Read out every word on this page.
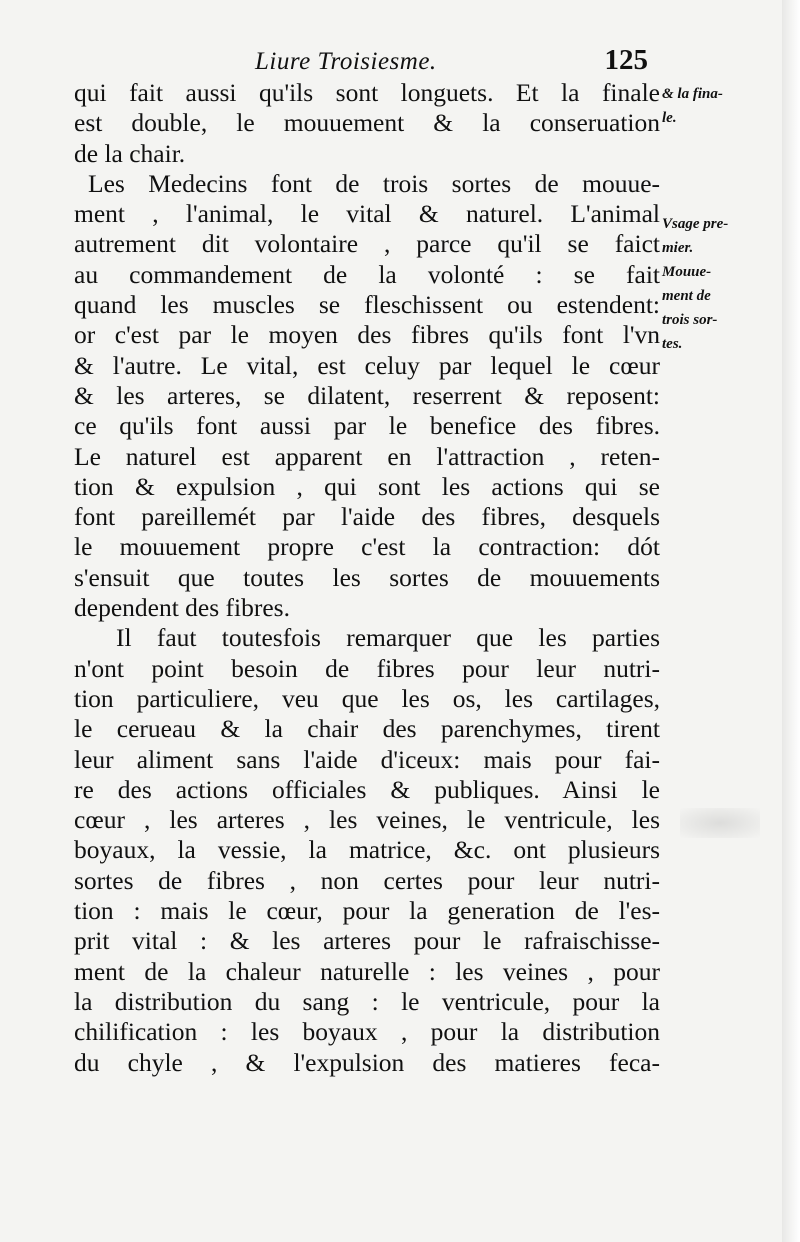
Liure Troisiesme.	125
qui fait aussi qu'ils sont longuets. Et la finale
est double, le mouuement & la conseruation
de la chair.
Les Medecins font de trois sortes de mouue-
ment , l'animal, le vital & naturel. L'animal
autrement dit volontaire , parce qu'il se faict
au commandement de la volonté : se fait
quand les muscles se fleschissent ou estendent:
or c'est par le moyen des fibres qu'ils font l'vn
& l'autre. Le vital, est celuy par lequel le cœur
& les arteres, se dilatent, reserrent & reposent:
ce qu'ils font aussi par le benefice des fibres.
Le naturel est apparent en l'attraction , reten-
tion & expulsion , qui sont les actions qui se
font pareillemét par l'aide des fibres, desquels
le mouuement propre c'est la contraction: dót
s'ensuit que toutes les sortes de mouuements
dependent des fibres.
Il faut toutesfois remarquer que les parties
n'ont point besoin de fibres pour leur nutri-
tion particuliere, veu que les os, les cartilages,
le cerueau & la chair des parenchymes, tirent
leur aliment sans l'aide d'iceux: mais pour fai-
re des actions officiales & publiques. Ainsi le
cœur , les arteres , les veines, le ventricule, les
boyaux, la vessie, la matrice, &c. ont plusieurs
sortes de fibres , non certes pour leur nutri-
tion : mais le cœur, pour la generation de l'es-
prit vital : & les arteres pour le rafraischisse-
ment de la chaleur naturelle : les veines , pour
la distribution du sang : le ventricule, pour la
chilification : les boyaux , pour la distribution
du chyle , & l'expulsion des matieres feca-
& la fina-
le.
Vsage pre-
mier.
Mouue-
ment de
trois sor-
tes.
